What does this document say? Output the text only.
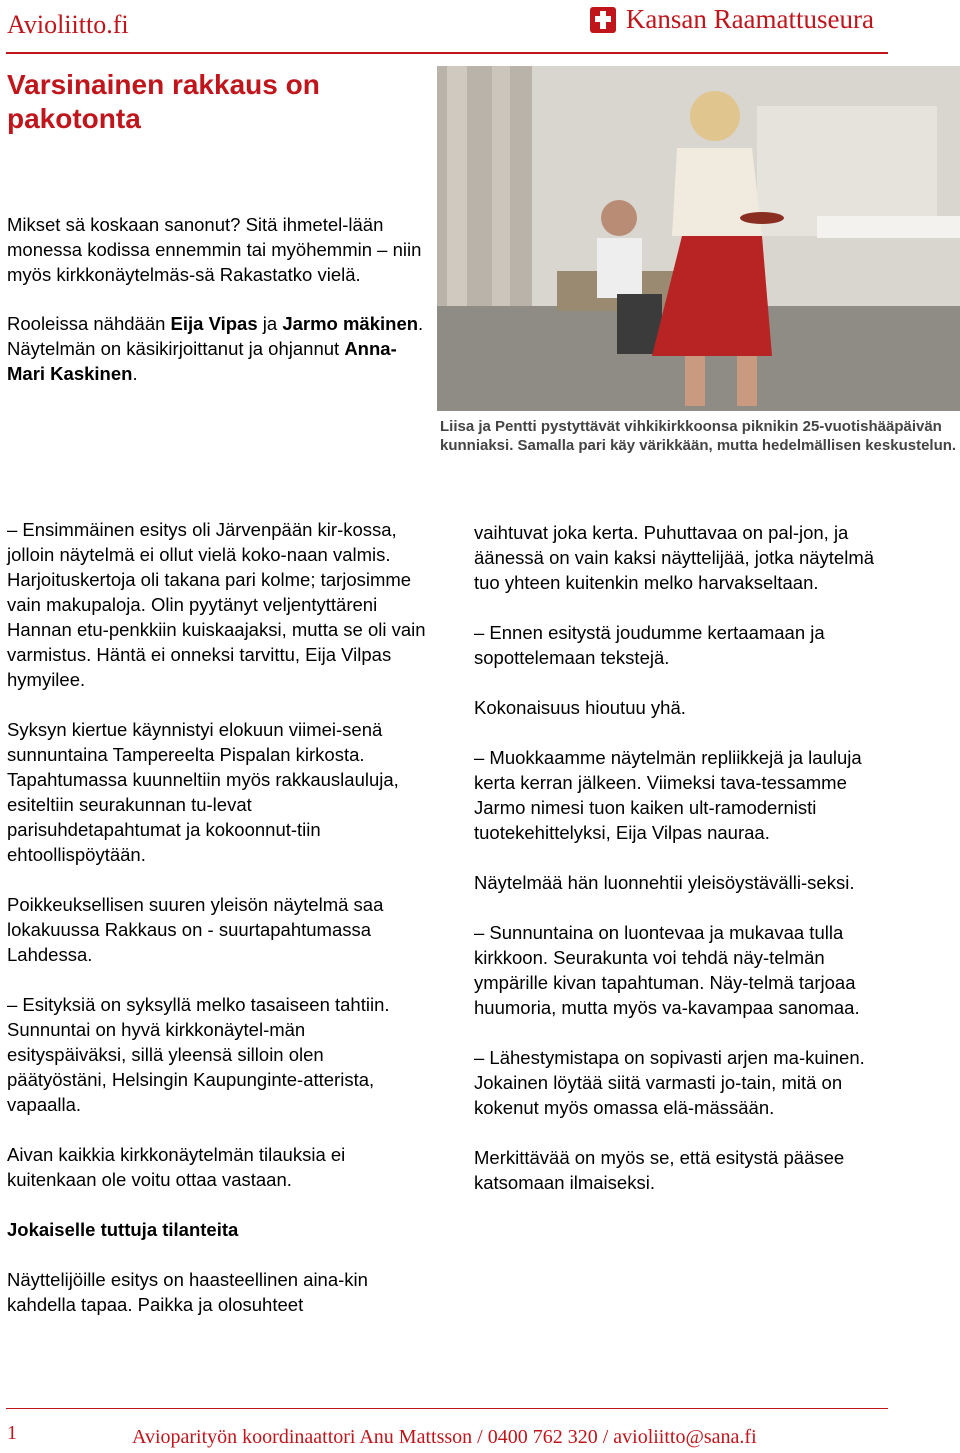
Avioliitto.fi	Kansan Raamattuseura
Varsinainen rakkaus on pakotonta

Mikset sä koskaan sanonut? Sitä ihmetel-lään monessa kodissa ennemmin tai myöhemmin – niin myös kirkkonäytelmäs-sä Rakastatko vielä.

Rooleissa nähdään Eija Vipas ja Jarmo mäkinen. Näytelmän on käsikirjoittanut ja ohjannut Anna-Mari Kaskinen.

Liisa ja Pentti pystyttävät vihkikirkkoonsa piknikin 25-vuotishääpäivän kunniaksi. Samalla pari käy värikkään, mutta hedelmällisen keskustelun.

– Ensimmäinen esitys oli Järvenpään kir-kossa, jolloin näytelmä ei ollut vielä koko-naan valmis. Harjoituskertoja oli takana pari kolme; tarjosimme vain makupaloja. Olin pyytänyt veljentyttäreni Hannan etu-penkkiin kuiskaajaksi, mutta se oli vain varmistus. Häntä ei onneksi tarvittu, Eija Vilpas hymyilee.

Syksyn kiertue käynnistyi elokuun viimei-senä sunnuntaina Tampereelta Pispalan kirkosta. Tapahtumassa kuunneltiin myös rakkauslauluja, esiteltiin seurakunnan tu-levat parisuhdetapahtumat ja kokoonnut-tiin ehtoollispöytään.

Poikkeuksellisen suuren yleisön näytelmä saa lokakuussa Rakkaus on - suurtapahtumassa Lahdessa.

– Esityksiä on syksyllä melko tasaiseen tahtiin. Sunnuntai on hyvä kirkkonäytel-män esityspäiväksi, sillä yleensä silloin olen päätyöstäni, Helsingin Kaupunginte-atterista, vapaalla.

Aivan kaikkia kirkkonäytelmän tilauksia ei kuitenkaan ole voitu ottaa vastaan.

Jokaiselle tuttuja tilanteita

Näyttelijöille esitys on haasteellinen aina-kin kahdella tapaa. Paikka ja olosuhteet

vaihtuvat joka kerta. Puhuttavaa on pal-jon, ja äänessä on vain kaksi näyttelijää, jotka näytelmä tuo yhteen kuitenkin melko harvakseltaan.

– Ennen esitystä joudumme kertaamaan ja sopottelemaan tekstejä.

Kokonaisuus hioutuu yhä.

– Muokkaamme näytelmän repliikkejä ja lauluja kerta kerran jälkeen. Viimeksi tava-tessamme Jarmo nimesi tuon kaiken ult-ramodernisti tuotekehittelyksi, Eija Vilpas nauraa.

Näytelmää hän luonnehtii yleisöystävälli-seksi.

– Sunnuntaina on luontevaa ja mukavaa tulla kirkkoon. Seurakunta voi tehdä näy-telmän ympärille kivan tapahtuman. Näy-telmä tarjoaa huumoria, mutta myös va-kavampaa sanomaa.

– Lähestymistapa on sopivasti arjen ma-kuinen. Jokainen löytää siitä varmasti jo-tain, mitä on kokenut myös omassa elä-mässään.

Merkittävää on myös se, että esitystä pääsee katsomaan ilmaiseksi.

1	Avioparityön koordinaattori Anu Mattsson / 0400 762 320 / avioliitto@sana.fi
